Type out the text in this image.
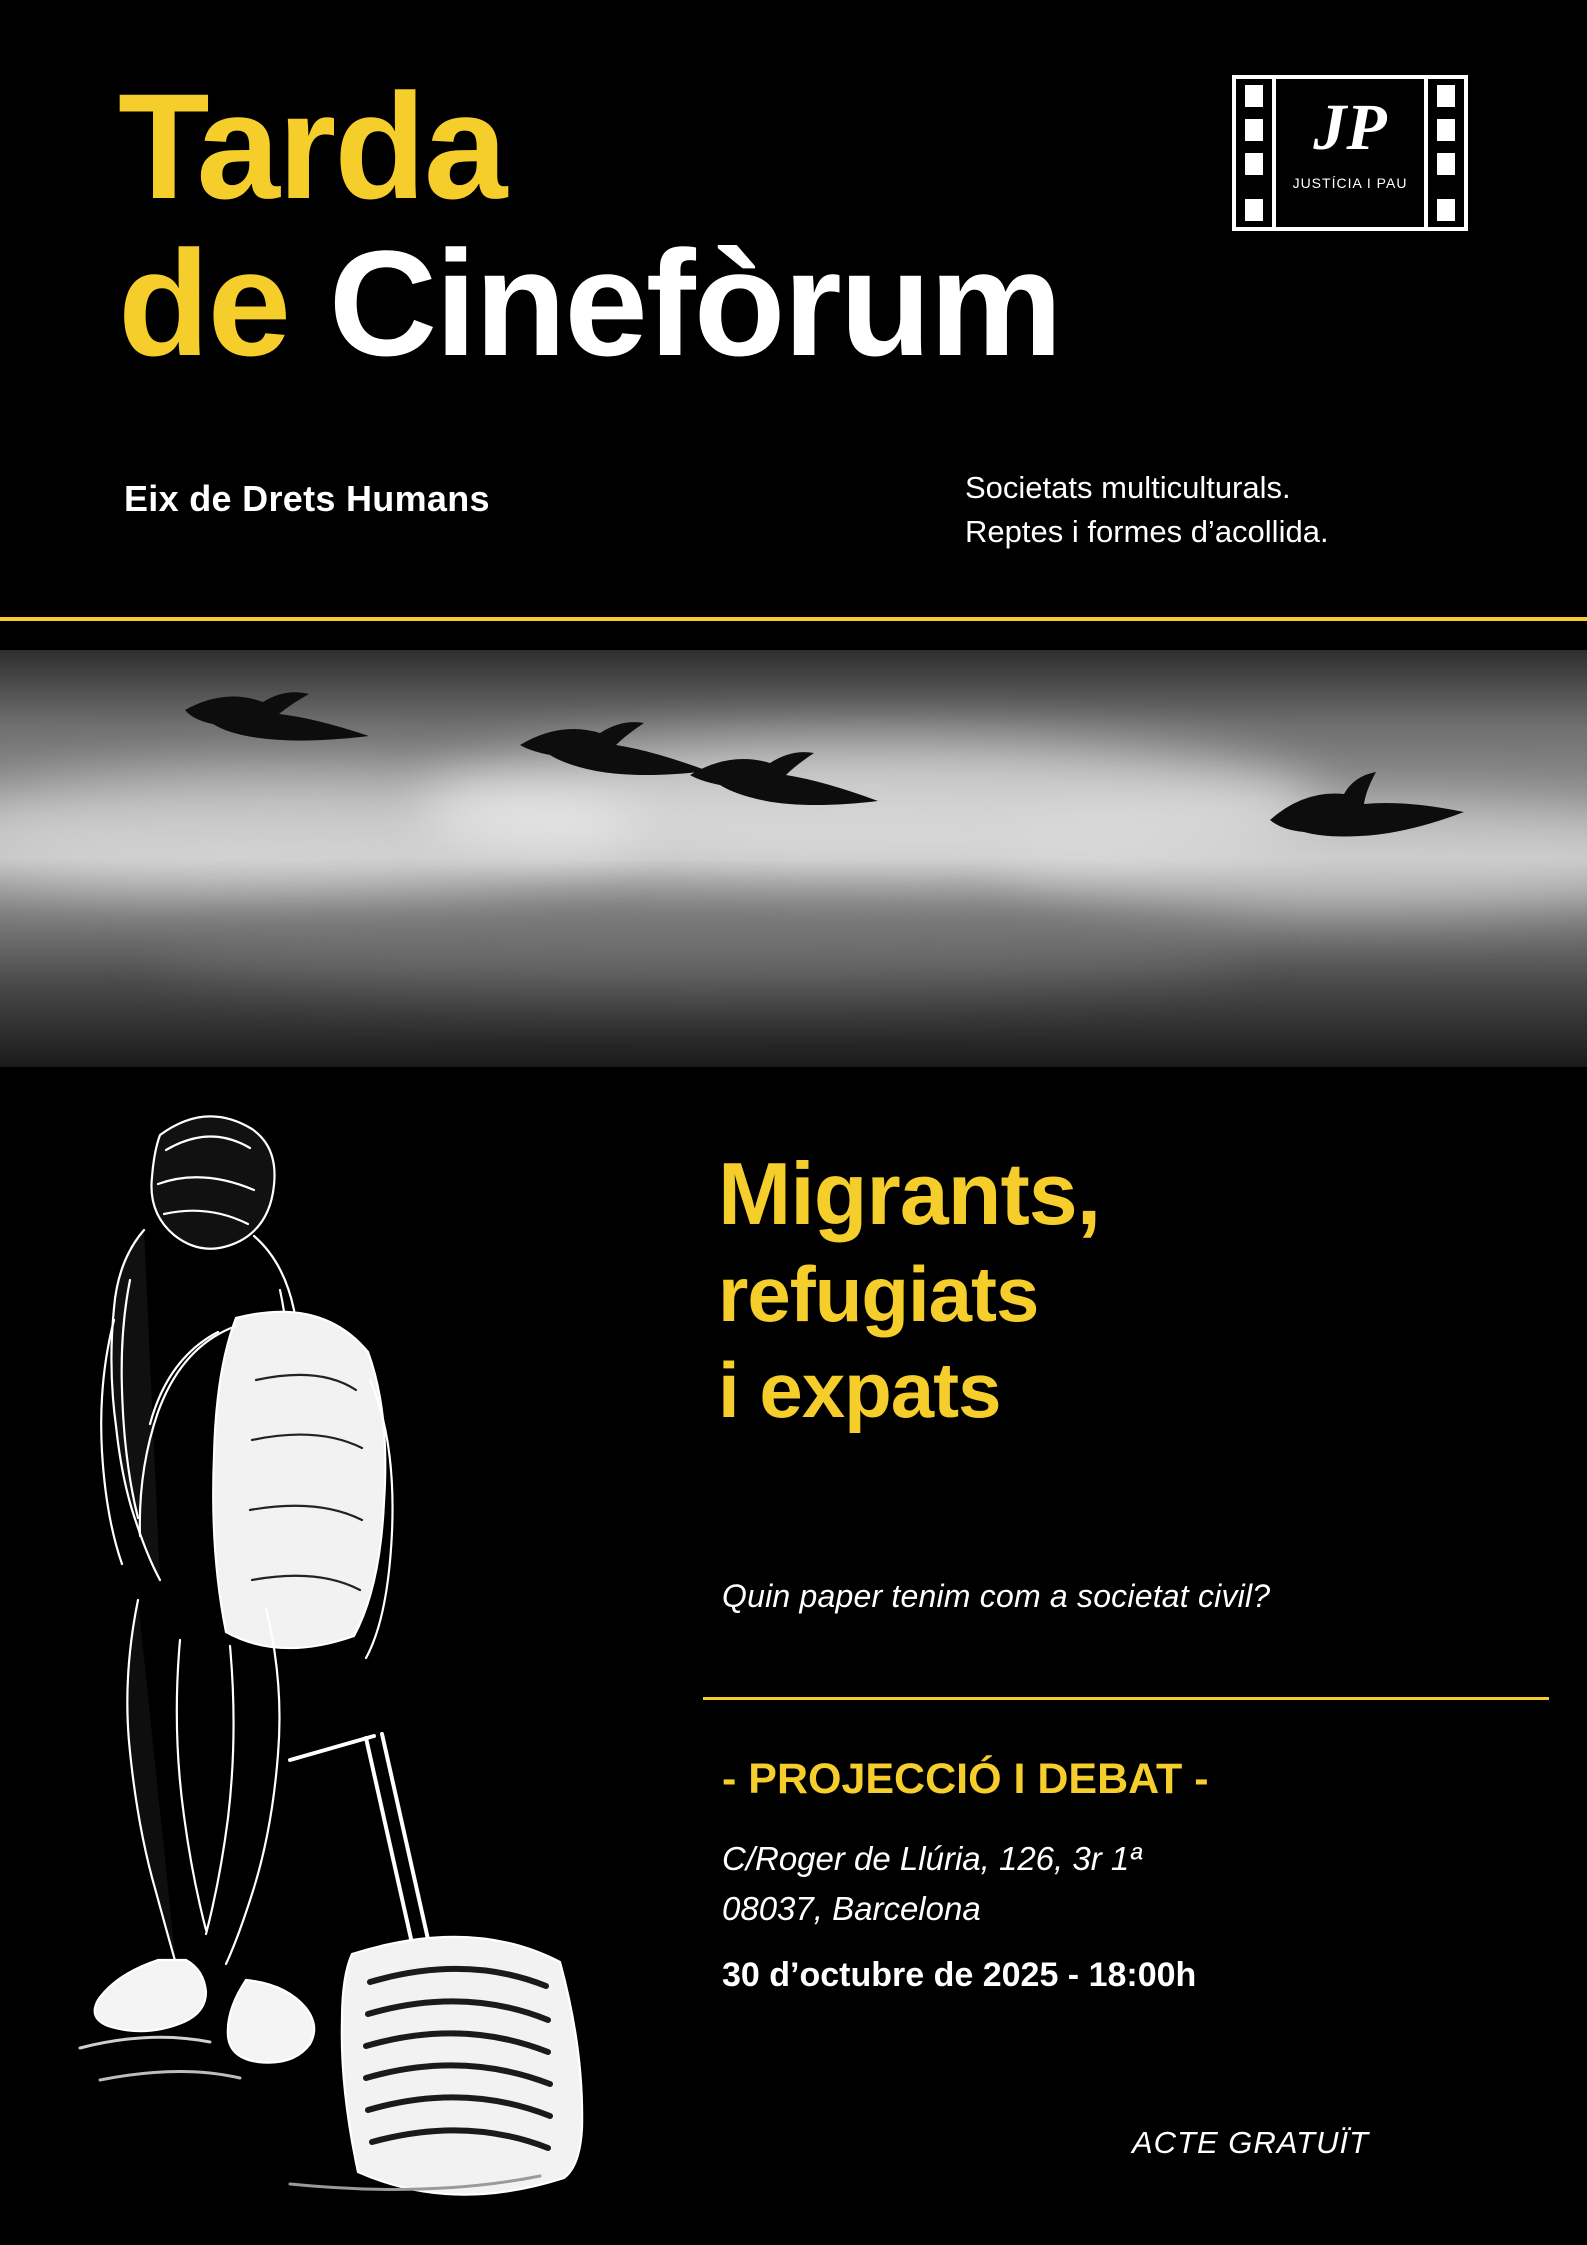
Tarda
de Cinefòrum
Eix de Drets Humans	Societats multiculturals.
Reptes i formes d’acollida.
JP
JUSTÍCIA I PAU
Migrants,
refugiats
i expats
Quin paper tenim com a societat civil?
- PROJECCIÓ I DEBAT -
C/Roger de Llúria, 126, 3r 1ª
08037, Barcelona
30 d’octubre de 2025 - 18:00h
ACTE GRATUÏT
